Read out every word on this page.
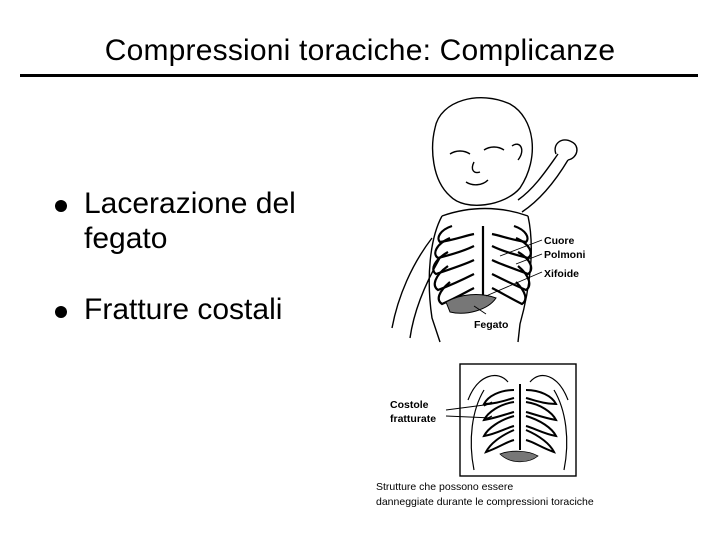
Compressioni toraciche: Complicanze
Lacerazione del fegato
Fratture costali
Cuore
Polmoni
Xifoide
Fegato
Costole
fratturate
Strutture che possono essere
danneggiate durante le compressioni toraciche
